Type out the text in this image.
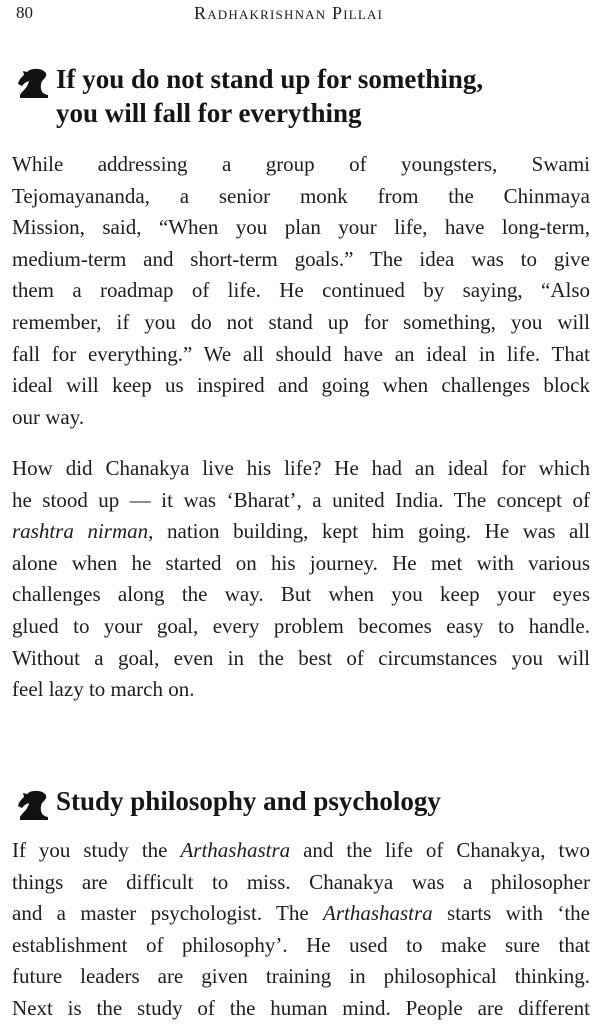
80	Radhakrishnan Pillai
If you do not stand up for something,
you will fall for everything
While addressing a group of youngsters, Swami
Tejomayananda, a senior monk from the Chinmaya
Mission, said, “When you plan your life, have long-term,
medium-term and short-term goals.” The idea was to give
them a roadmap of life. He continued by saying, “Also
remember, if you do not stand up for something, you will
fall for everything.” We all should have an ideal in life. That
ideal will keep us inspired and going when challenges block
our way.
How did Chanakya live his life? He had an ideal for which
he stood up — it was ‘Bharat’, a united India. The concept of
rashtra nirman, nation building, kept him going. He was all
alone when he started on his journey. He met with various
challenges along the way. But when you keep your eyes
glued to your goal, every problem becomes easy to handle.
Without a goal, even in the best of circumstances you will
feel lazy to march on.
Study philosophy and psychology
If you study the Arthashastra and the life of Chanakya, two
things are difficult to miss. Chanakya was a philosopher
and a master psychologist. The Arthashastra starts with ‘the
establishment of philosophy’. He used to make sure that
future leaders are given training in philosophical thinking.
Next is the study of the human mind. People are different
